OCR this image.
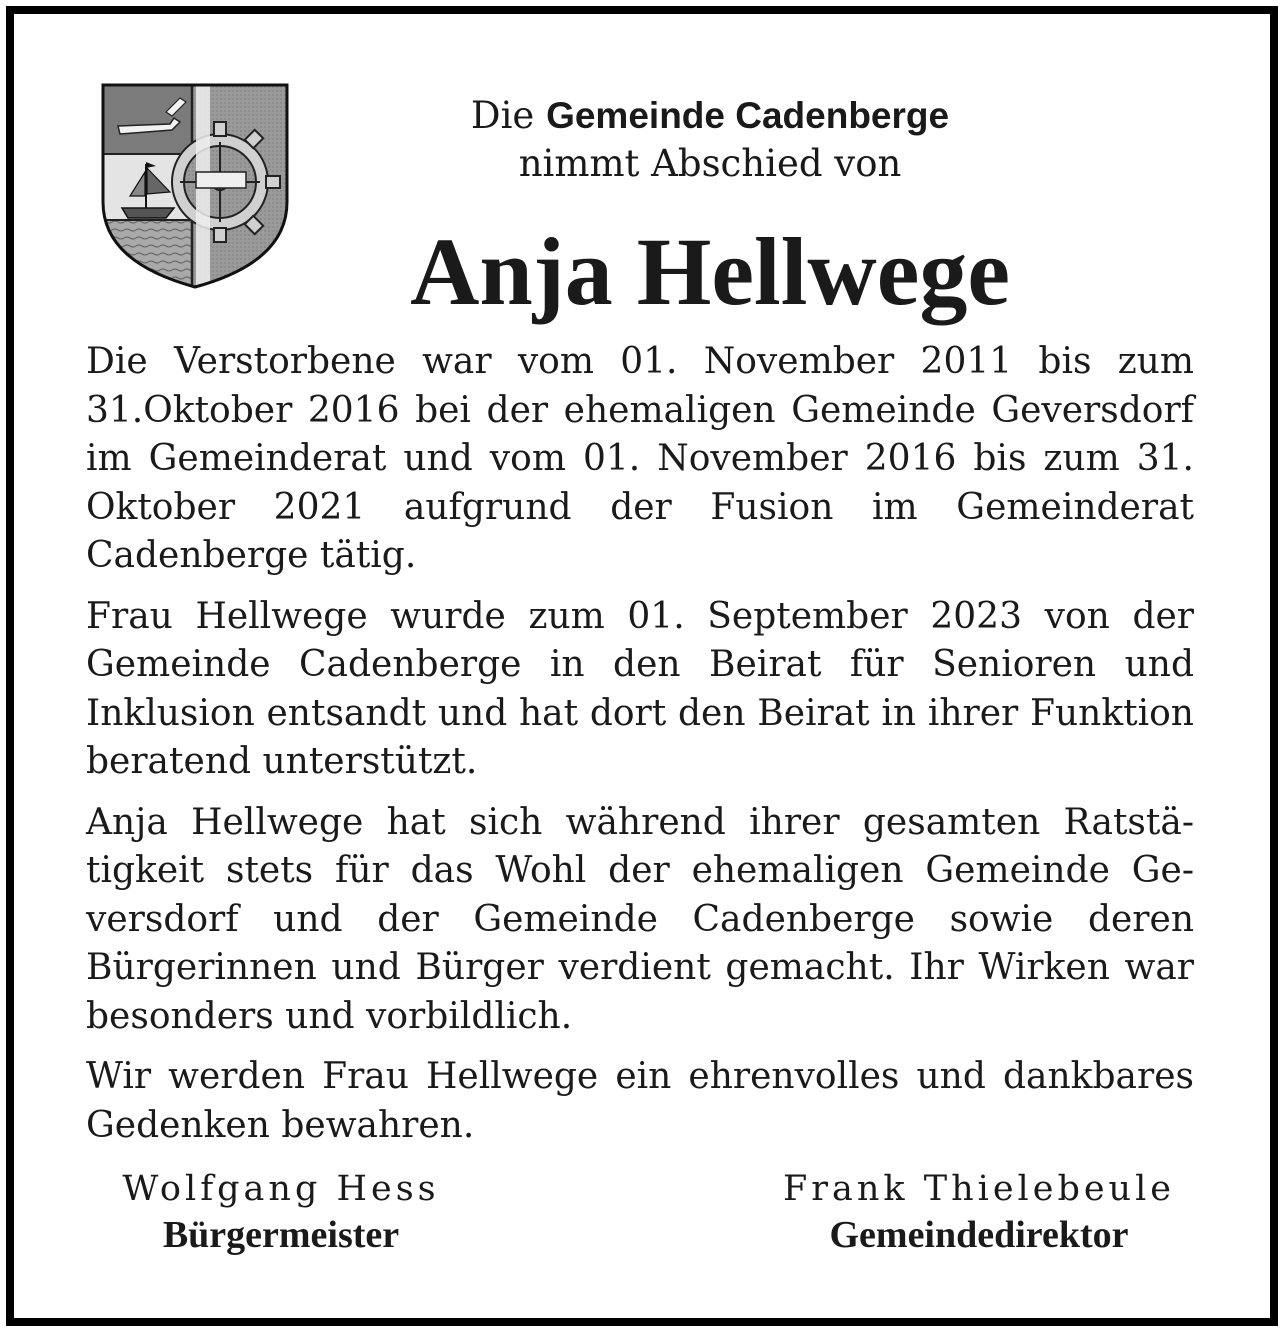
Die Gemeinde Cadenberge
nimmt Abschied von
Anja Hellwege

Die Verstorbene war vom 01. November 2011 bis zum 31.Oktober 2016 bei der ehemaligen Gemeinde Geversdorf im Gemeinderat und vom 01. November 2016 bis zum 31. Oktober 2021 aufgrund der Fusion im Gemeinderat Cadenberge tätig.

Frau Hellwege wurde zum 01. September 2023 von der Gemeinde Cadenberge in den Beirat für Senioren und Inklusion entsandt und hat dort den Beirat in ihrer Funktion beratend unterstützt.

Anja Hellwege hat sich während ihrer gesamten Ratstätigkeit stets für das Wohl der ehemaligen Gemeinde Geversdorf und der Gemeinde Cadenberge sowie deren Bürgerinnen und Bürger verdient gemacht. Ihr Wirken war besonders und vorbildlich.

Wir werden Frau Hellwege ein ehrenvolles und dankbares Gedenken bewahren.

Wolfgang Hess
Bürgermeister
Frank Thielebeule
Gemeindedirektor
